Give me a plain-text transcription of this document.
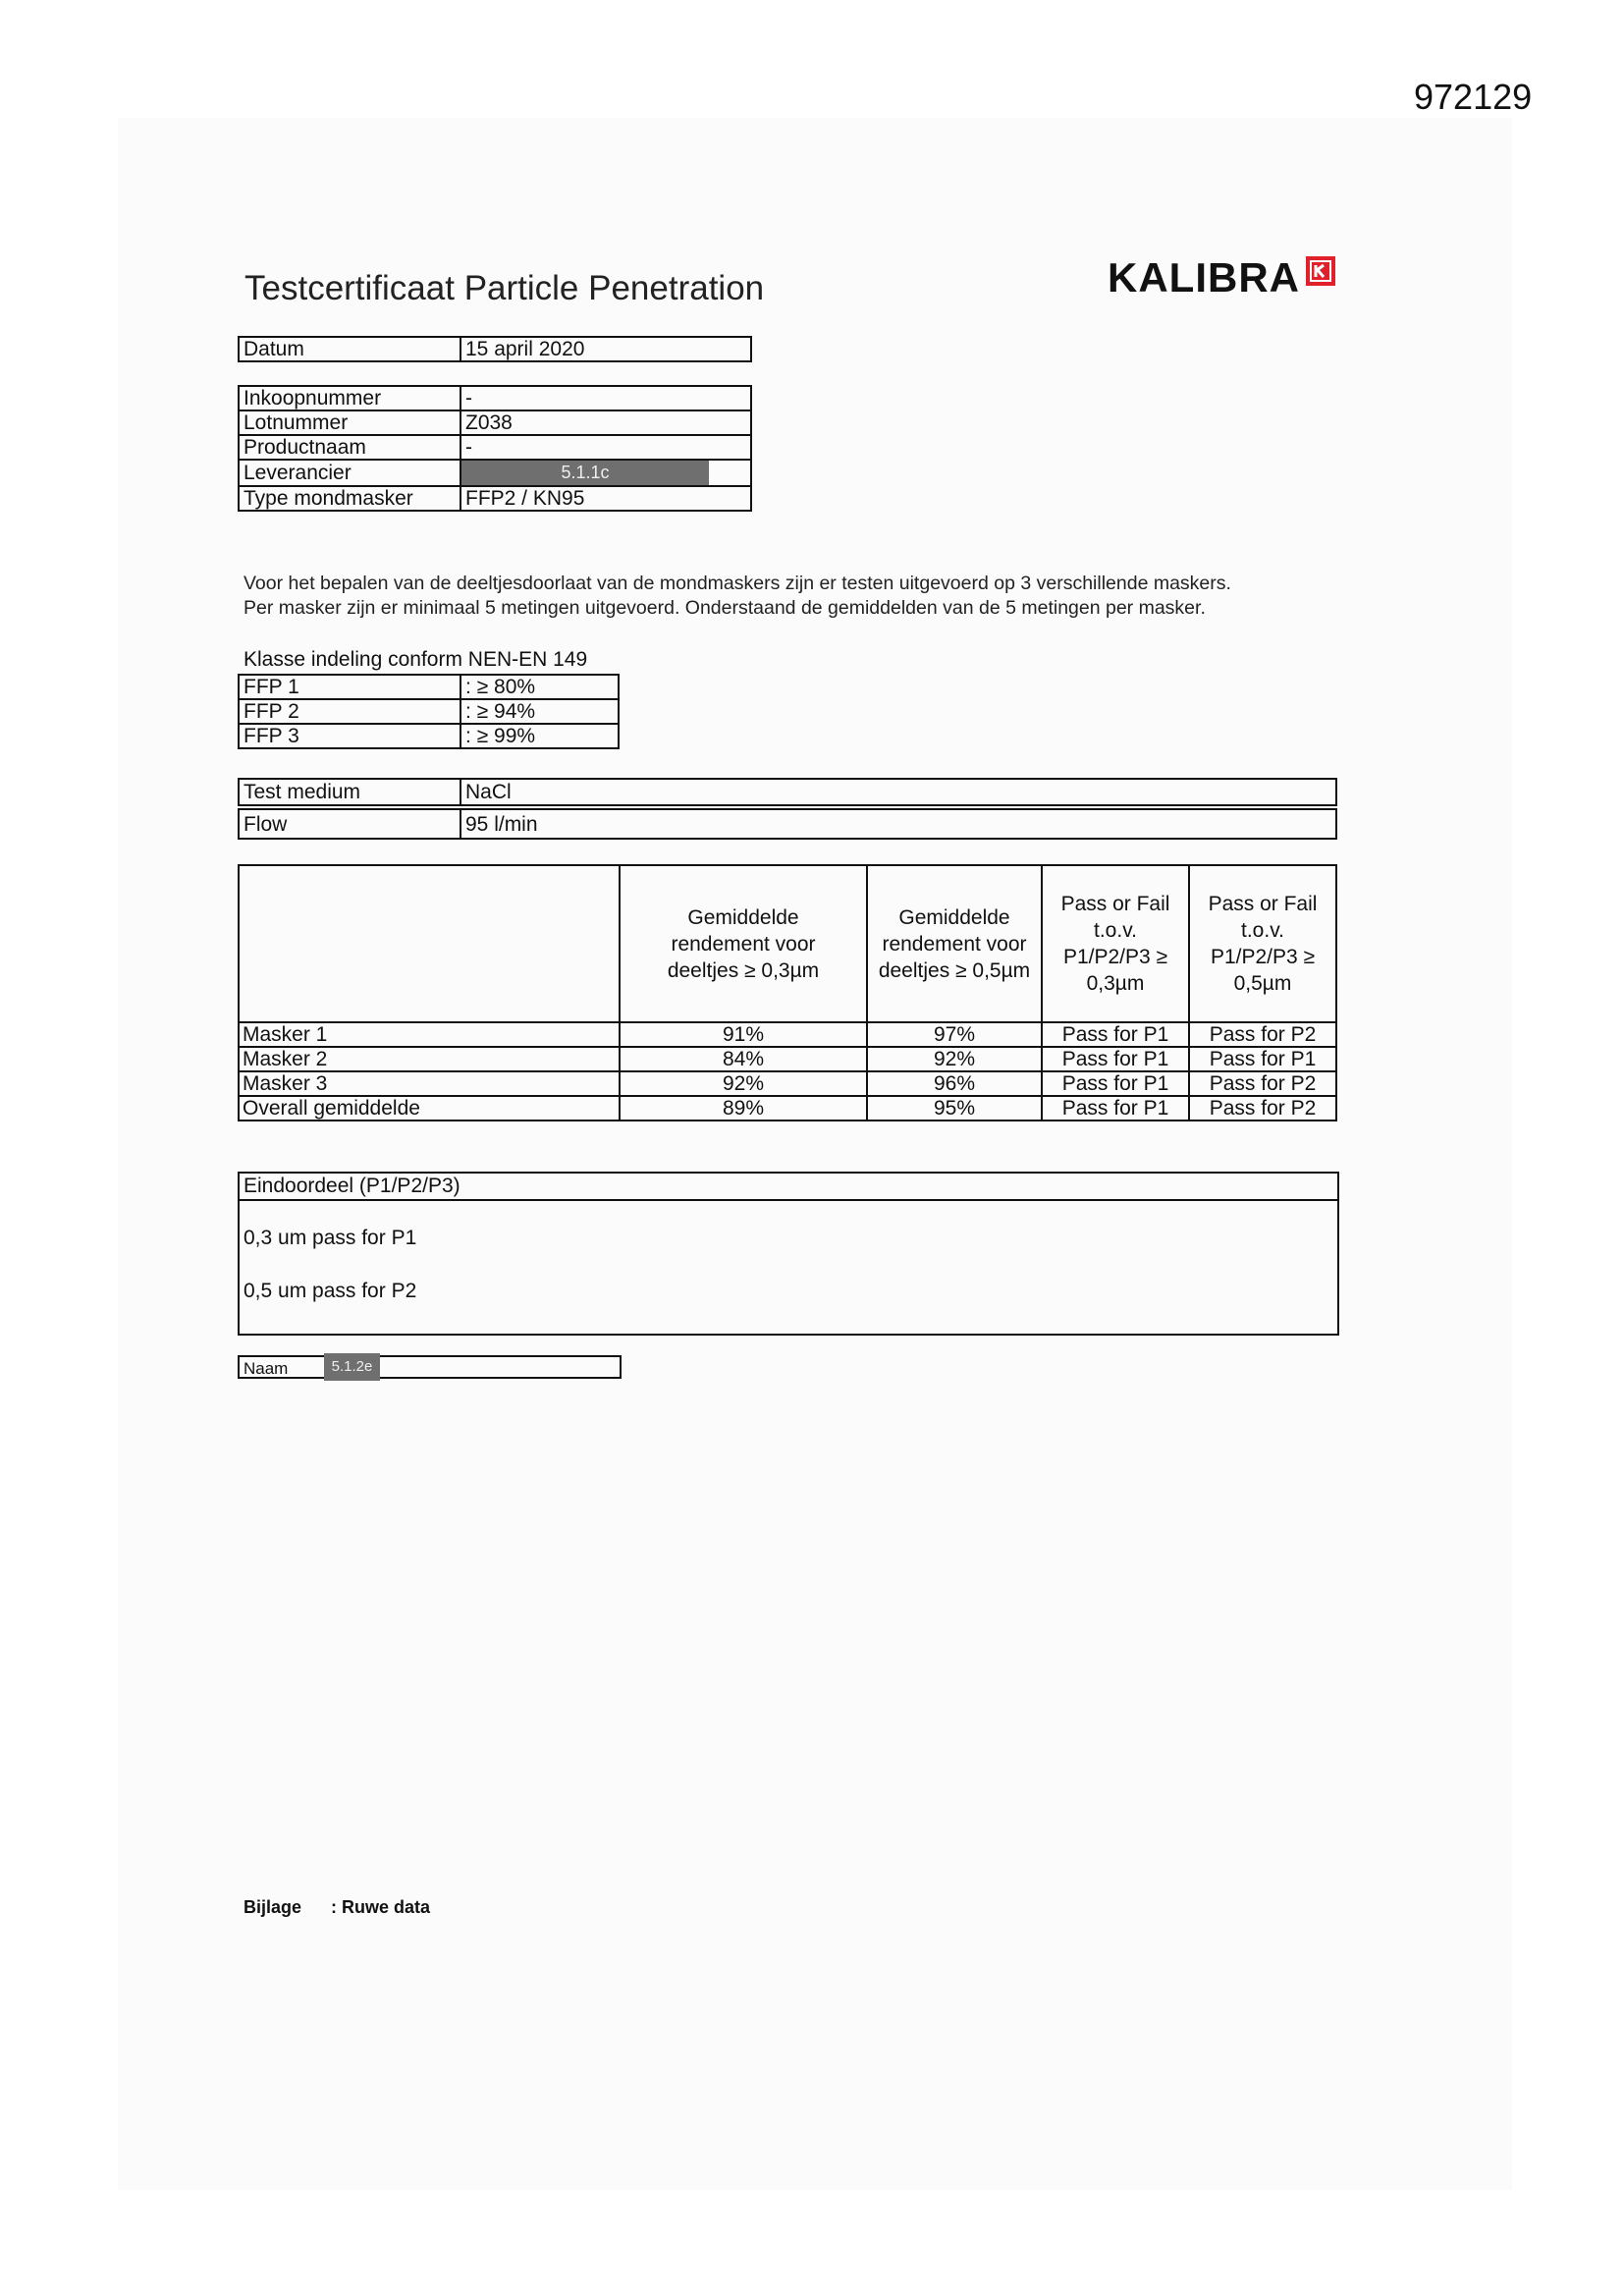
972129
Testcertificaat Particle Penetration	KALIBRA
Datum	15 april 2020
Inkoopnummer	-
Lotnummer	Z038
Productnaam	-
Leverancier	5.1.1c
Type mondmasker	FFP2 / KN95
Voor het bepalen van de deeltjesdoorlaat van de mondmaskers zijn er testen uitgevoerd op 3 verschillende maskers.
Per masker zijn er minimaal 5 metingen uitgevoerd. Onderstaand de gemiddelden van de 5 metingen per masker.
Klasse indeling conform NEN-EN 149
FFP 1	: ≥ 80%
FFP 2	: ≥ 94%
FFP 3	: ≥ 99%
Test medium	NaCl
Flow	95 l/min
	Gemiddelde rendement voor deeltjes ≥ 0,3µm	Gemiddelde rendement voor deeltjes ≥ 0,5µm	Pass or Fail t.o.v. P1/P2/P3 ≥ 0,3µm	Pass or Fail t.o.v. P1/P2/P3 ≥ 0,5µm
Masker 1	91%	97%	Pass for P1	Pass for P2
Masker 2	84%	92%	Pass for P1	Pass for P1
Masker 3	92%	96%	Pass for P1	Pass for P2
Overall gemiddelde	89%	95%	Pass for P1	Pass for P2
Eindoordeel (P1/P2/P3)
0,3 um pass for P1
0,5 um pass for P2
Naam	5.1.2e
Bijlage : Ruwe data
